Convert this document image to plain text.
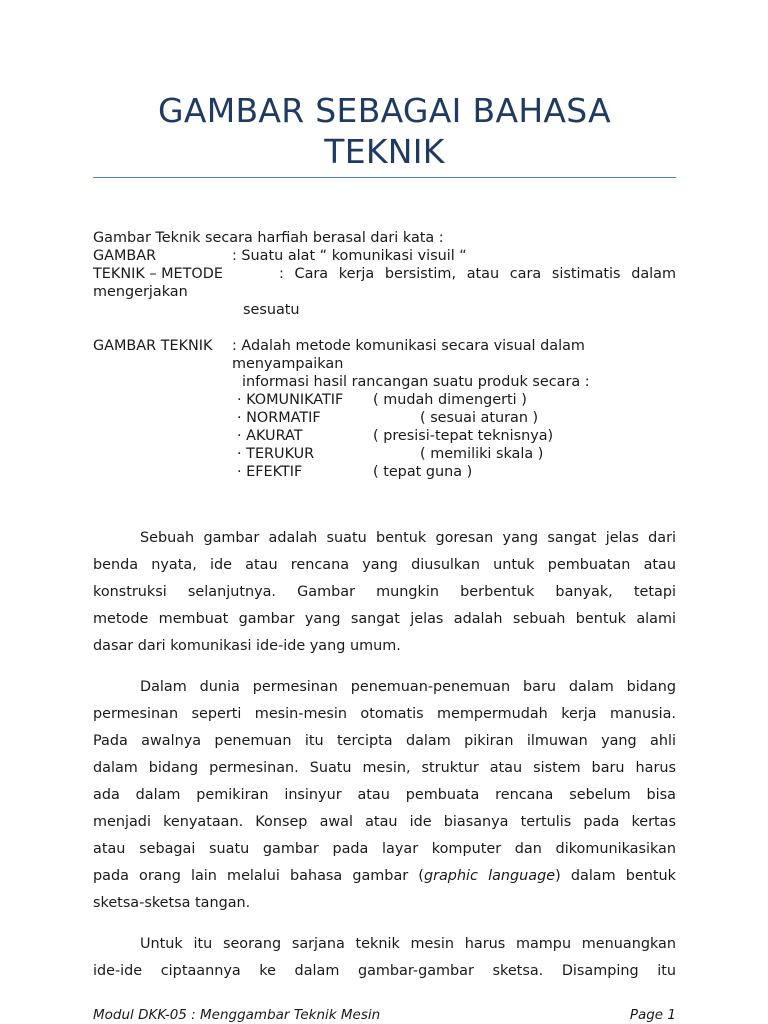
GAMBAR SEBAGAI BAHASA
TEKNIK
Gambar Teknik secara harfiah berasal dari kata :
GAMBAR	: Suatu alat “ komunikasi visuil “
TEKNIK – METODE	: Cara kerja bersistim, atau cara sistimatis dalam
mengerjakan
sesuatu
GAMBAR TEKNIK : Adalah metode komunikasi secara visual dalam
menyampaikan
informasi hasil rancangan suatu produk secara :
· KOMUNIKATIF ( mudah dimengerti )
· NORMATIF	( sesuai aturan )
· AKURAT	( presisi-tepat teknisnya)
· TERUKUR	( memiliki skala )
· EFEKTIF	( tepat guna )
Sebuah gambar adalah suatu bentuk goresan yang sangat jelas dari
benda nyata, ide atau rencana yang diusulkan untuk pembuatan atau
konstruksi selanjutnya. Gambar mungkin berbentuk banyak, tetapi
metode membuat gambar yang sangat jelas adalah sebuah bentuk alami
dasar dari komunikasi ide-ide yang umum.
Dalam dunia permesinan penemuan-penemuan baru dalam bidang
permesinan seperti mesin-mesin otomatis mempermudah kerja manusia.
Pada awalnya penemuan itu tercipta dalam pikiran ilmuwan yang ahli
dalam bidang permesinan. Suatu mesin, struktur atau sistem baru harus
ada dalam pemikiran insinyur atau pembuata rencana sebelum bisa
menjadi kenyataan. Konsep awal atau ide biasanya tertulis pada kertas
atau sebagai suatu gambar pada layar komputer dan dikomunikasikan
pada orang lain melalui bahasa gambar (graphic language) dalam bentuk
sketsa-sketsa tangan.
Untuk itu seorang sarjana teknik mesin harus mampu menuangkan
ide-ide ciptaannya ke dalam gambar-gambar sketsa. Disamping itu
Modul DKK-05 : Menggambar Teknik Mesin	Page 1
